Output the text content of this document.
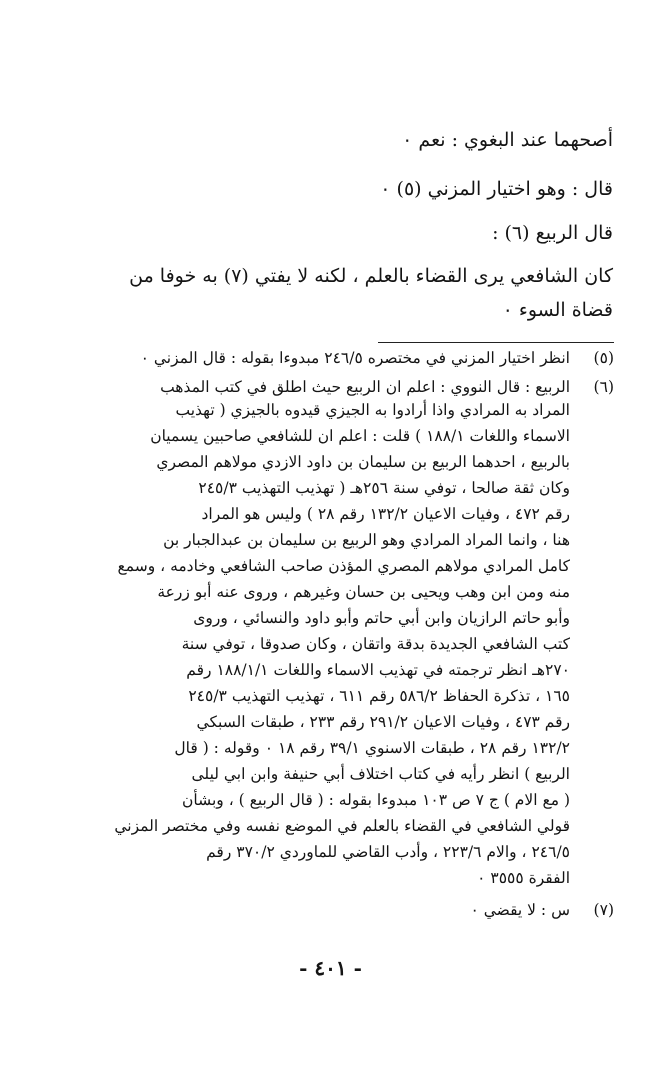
أصحهما عند البغوي : نعم ٠
قال : وهو اختيار المزني (٥) ٠
قال الربيع (٦) :
كان الشافعي يرى القضاء بالعلم ، لكنه لا يفتي (٧) به خوفا من
قضاة السوء ٠
(٥)
انظر اختيار المزني في مختصره ٢٤٦/٥ مبدوءا بقوله : قال المزني ٠
(٦)
الربيع : قال النووي : اعلم ان الربيع حيث اطلق في كتب المذهب
المراد به المرادي واذا أرادوا به الجيزي قيدوه بالجيزي ( تهذيب
الاسماء واللغات ١٨٨/١ ) قلت : اعلم ان للشافعي صاحبين يسميان
بالربيع ، احدهما الربيع بن سليمان بن داود الازدي مولاهم المصري
وكان ثقة صالحا ، توفي سنة ٢٥٦هـ ( تهذيب التهذيب ٢٤٥/٣
رقم ٤٧٢ ، وفيات الاعيان ١٣٢/٢ رقم ٢٨ ) وليس هو المراد
هنا ، وانما المراد المرادي وهو الربيع بن سليمان بن عبدالجبار بن
كامل المرادي مولاهم المصري المؤذن صاحب الشافعي وخادمه ، وسمع
منه ومن ابن وهب ويحيى بن حسان وغيرهم ، وروى عنه أبو زرعة
وأبو حاتم الرازيان وابن أبي حاتم وأبو داود والنسائي ، وروى
كتب الشافعي الجديدة بدقة واتقان ، وكان صدوقا ، توفي سنة
٢٧٠هـ انظر ترجمته في تهذيب الاسماء واللغات ١٨٨/١/١ رقم
١٦٥ ، تذكرة الحفاظ ٥٨٦/٢ رقم ٦١١ ، تهذيب التهذيب ٢٤٥/٣
رقم ٤٧٣ ، وفيات الاعيان ٢٩١/٢ رقم ٢٣٣ ، طبقات السبكي
١٣٢/٢ رقم ٢٨ ، طبقات الاسنوي ٣٩/١ رقم ١٨ ٠ وقوله : ( قال
الربيع ) انظر رأيه في كتاب اختلاف أبي حنيفة وابن ابي ليلى
( مع الام ) ج ٧ ص ١٠٣ مبدوءا بقوله : ( قال الربيع ) ، وبشأن
قولي الشافعي في القضاء بالعلم في الموضع نفسه وفي مختصر المزني
٢٤٦/٥ ، والام ٢٢٣/٦ ، وأدب القاضي للماوردي ٣٧٠/٢ رقم
الفقرة ٣٥٥٥ ٠
(٧)
س : لا يقضي ٠
- ٤٠١ -
